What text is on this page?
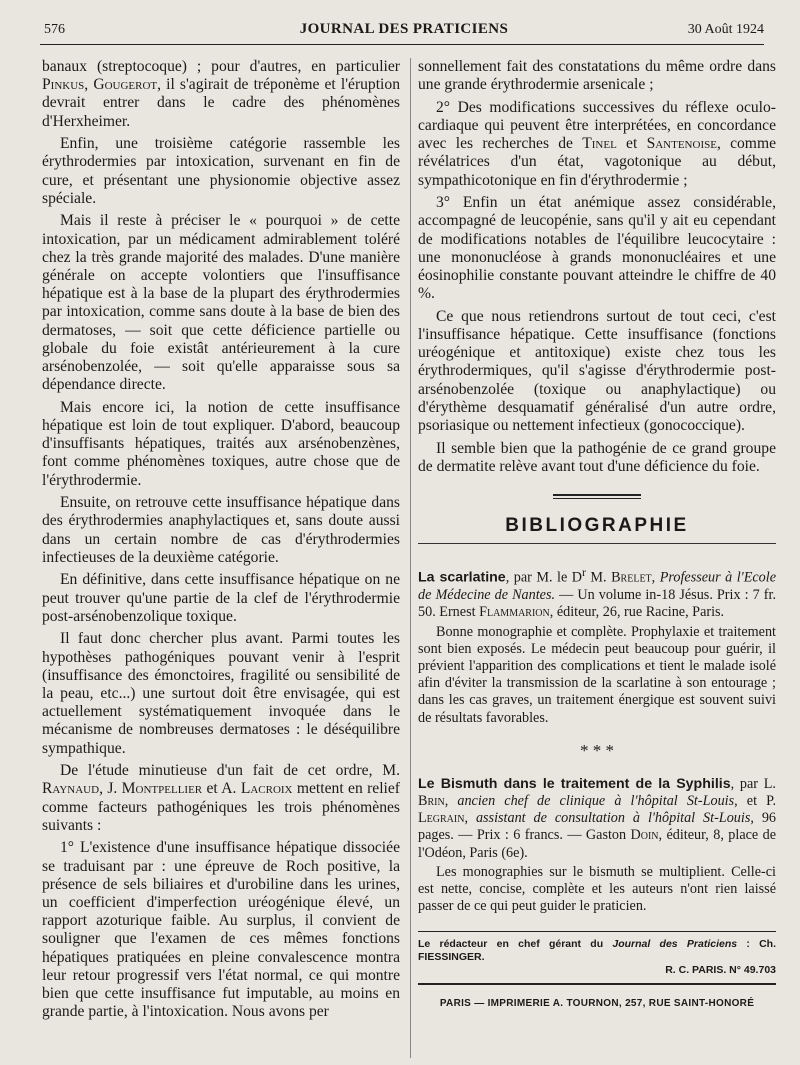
576	JOURNAL DES PRATICIENS	30 Août 1924

banaux (streptocoque) ; pour d'autres, en particulier Pinkus, Gougerot, il s'agirait de tréponème et l'éruption devrait entrer dans le cadre des phénomènes d'Herxheimer.

Enfin, une troisième catégorie rassemble les érythrodermies par intoxication, survenant en fin de cure, et présentant une physionomie objective assez spéciale.

Mais il reste à préciser le « pourquoi » de cette intoxication, par un médicament admirablement toléré chez la très grande majorité des malades. D'une manière générale on accepte volontiers que l'insuffisance hépatique est à la base de la plupart des érythrodermies par intoxication, comme sans doute à la base de bien des dermatoses, — soit que cette déficience partielle ou globale du foie existât antérieurement à la cure arsénobenzolée, — soit qu'elle apparaisse sous sa dépendance directe.

Mais encore ici, la notion de cette insuffisance hépatique est loin de tout expliquer. D'abord, beaucoup d'insuffisants hépatiques, traités aux arsénobenzènes, font comme phénomènes toxiques, autre chose que de l'érythrodermie.

Ensuite, on retrouve cette insuffisance hépatique dans des érythrodermies anaphylactiques et, sans doute aussi dans un certain nombre de cas d'érythrodermies infectieuses de la deuxième catégorie.

En définitive, dans cette insuffisance hépatique on ne peut trouver qu'une partie de la clef de l'érythrodermie post-arsénobenzolique toxique.

Il faut donc chercher plus avant. Parmi toutes les hypothèses pathogéniques pouvant venir à l'esprit (insuffisance des émonctoires, fragilité ou sensibilité de la peau, etc...) une surtout doit être envisagée, qui est actuellement systématiquement invoquée dans le mécanisme de nombreuses dermatoses : le déséquilibre sympathique.

De l'étude minutieuse d'un fait de cet ordre, M. Raynaud, J. Montpellier et A. Lacroix mettent en relief comme facteurs pathogéniques les trois phénomènes suivants :

1° L'existence d'une insuffisance hépatique dissociée se traduisant par : une épreuve de Roch positive, la présence de sels biliaires et d'urobiline dans les urines, un coefficient d'imperfection uréogénique élevé, un rapport azoturique faible. Au surplus, il convient de souligner que l'examen de ces mêmes fonctions hépatiques pratiquées en pleine convalescence montra leur retour progressif vers l'état normal, ce qui montre bien que cette insuffisance fut imputable, au moins en grande partie, à l'intoxication. Nous avons per

sonnellement fait des constatations du même ordre dans une grande érythrodermie arsenicale ;

2° Des modifications successives du réflexe oculo-cardiaque qui peuvent être interprétées, en concordance avec les recherches de Tinel et Santenoise, comme révélatrices d'un état, vagotonique au début, sympathicotonique en fin d'érythrodermie ;

3° Enfin un état anémique assez considérable, accompagné de leucopénie, sans qu'il y ait eu cependant de modifications notables de l'équilibre leucocytaire : une mononucléose à grands mononucléaires et une éosinophilie constante pouvant atteindre le chiffre de 40 %.

Ce que nous retiendrons surtout de tout ceci, c'est l'insuffisance hépatique. Cette insuffisance (fonctions uréogénique et antitoxique) existe chez tous les érythrodermiques, qu'il s'agisse d'érythrodermie post-arsénobenzolée (toxique ou anaphylactique) ou d'érythème desquamatif généralisé d'un autre ordre, psoriasique ou nettement infectieux (gonococcique).

Il semble bien que la pathogénie de ce grand groupe de dermatite relève avant tout d'une déficience du foie.

BIBLIOGRAPHIE

La scarlatine, par M. le $D^r$ M. Brelet, Professeur à l'Ecole de Médecine de Nantes. — Un volume in-18 Jésus. Prix : 7 fr. 50. Ernest Flammarion, éditeur, 26, rue Racine, Paris.

Bonne monographie et complète. Prophylaxie et traitement sont bien exposés. Le médecin peut beaucoup pour guérir, il prévient l'apparition des complications et tient le malade isolé afin d'éviter la transmission de la scarlatine à son entourage ; dans les cas graves, un traitement énergique est souvent suivi de résultats favorables.

* * *

Le Bismuth dans le traitement de la Syphilis, par L. Brin, ancien chef de clinique à l'hôpital St-Louis, et P. Legrain, assistant de consultation à l'hôpital St-Louis, 96 pages. — Prix : 6 francs. — Gaston Doin, éditeur, 8, place de l'Odéon, Paris (6e).

Les monographies sur le bismuth se multiplient. Celle-ci est nette, concise, complète et les auteurs n'ont rien laissé passer de ce qui peut guider le praticien.

Le rédacteur en chef gérant du Journal des Praticiens : Ch. FIESSINGER.
R. C. PARIS. N° 49.703
PARIS — IMPRIMERIE A. TOURNON, 257, RUE SAINT-HONORÉ
